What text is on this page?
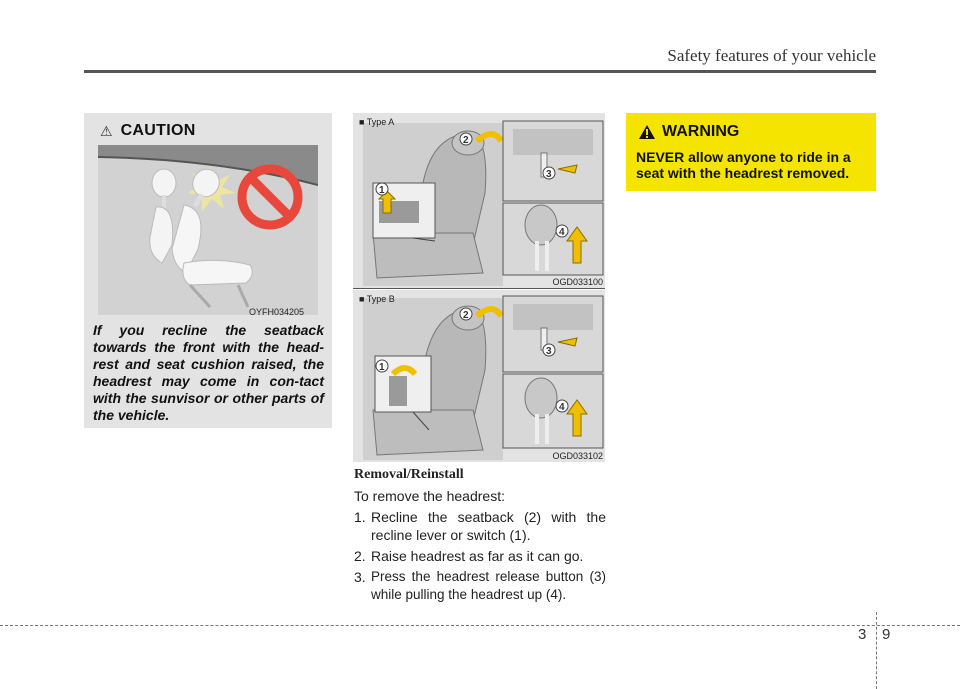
Safety features of your vehicle
⚠ CAUTION
OYFH034205
If you recline the seatback towards the front with the head-rest and seat cushion raised, the headrest may come in con-tact with the sunvisor or other parts of the vehicle.
1
2
3
4
■ Type A
OGD033100
1
2
3
4
■ Type B
OGD033102
Removal/Reinstall

To remove the headrest:

1. Recline the seatback (2) with the recline lever or switch (1).
2. Raise headrest as far as it can go.
3. Press the headrest release button (3) while pulling the headrest up (4).
WARNING
NEVER allow anyone to ride in a seat with the headrest removed.
3 9
